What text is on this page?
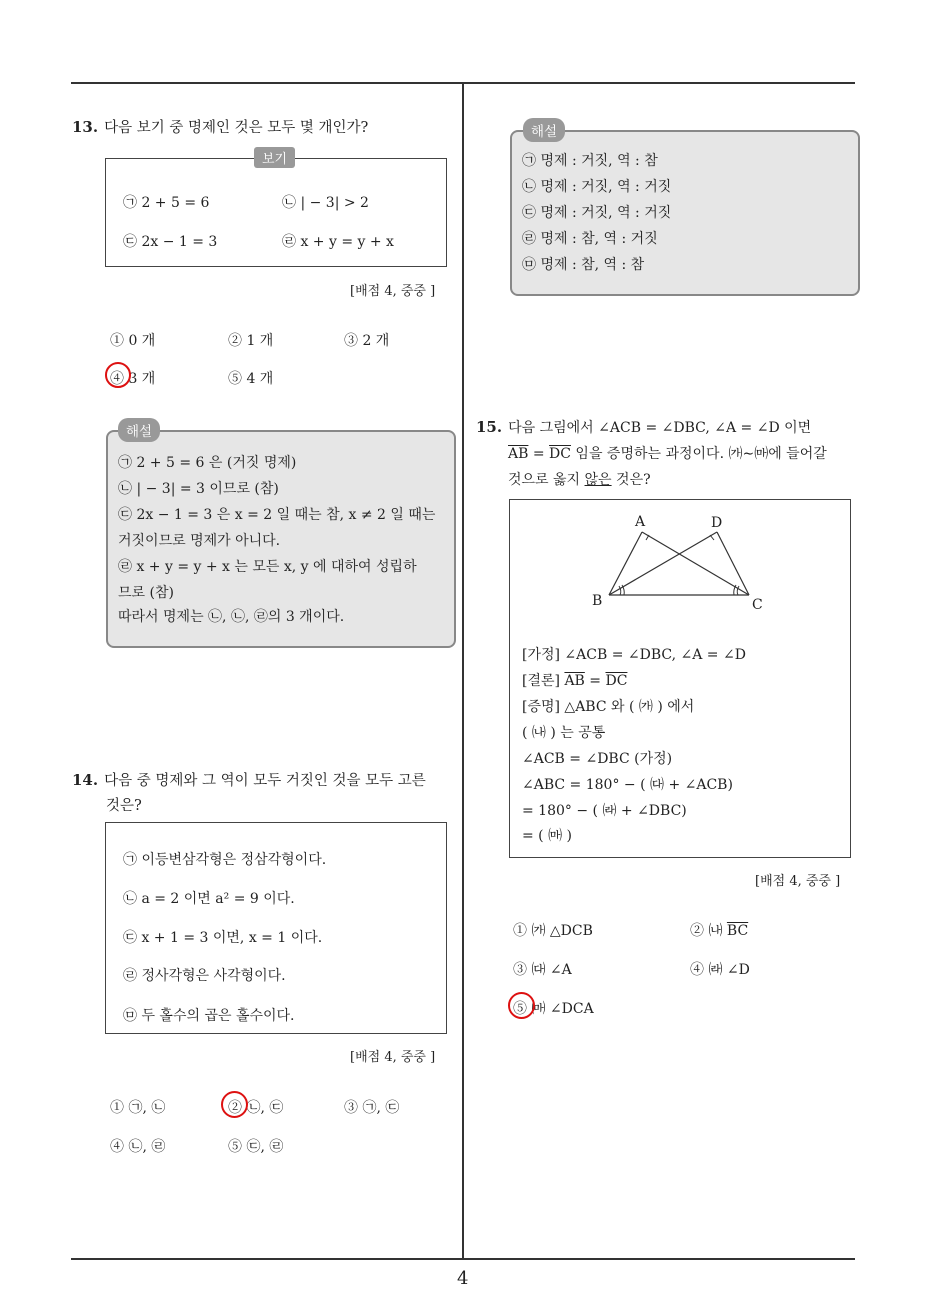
4
13. 다음 보기 중 명제인 것은 모두 몇 개인가?
보기
㉠ 2 + 5 = 6	㉡ | − 3| > 2
㉢ 2x − 1 = 3	㉣ x + y = y + x
[배점 4, 중중 ]
① 0 개	② 1 개	③ 2 개
④ 3 개	⑤ 4 개
해설
㉠ 2 + 5 = 6 은 (거짓 명제)
㉡ | − 3| = 3 이므로 (참)
㉢ 2x − 1 = 3 은 x = 2 일 때는 참, x ≠ 2 일 때는
거짓이므로 명제가 아니다.
㉣ x + y = y + x 는 모든 x, y 에 대하여 성립하
므로 (참)
따라서 명제는 ㉡, ㉡, ㉣의 3 개이다.
14. 다음 중 명제와 그 역이 모두 거짓인 것을 모두 고른
것은?
㉠ 이등변삼각형은 정삼각형이다.
㉡ a = 2 이면 a² = 9 이다.
㉢ x + 1 = 3 이면, x = 1 이다.
㉣ 정사각형은 사각형이다.
㉤ 두 홀수의 곱은 홀수이다.
[배점 4, 중중 ]
① ㉠, ㉡	② ㉡, ㉢	③ ㉠, ㉢
④ ㉡, ㉣	⑤ ㉢, ㉣
해설
㉠ 명제 : 거짓, 역 : 참
㉡ 명제 : 거짓, 역 : 거짓
㉢ 명제 : 거짓, 역 : 거짓
㉣ 명제 : 참, 역 : 거짓
㉤ 명제 : 참, 역 : 참
15. 다음 그림에서 ∠ACB = ∠DBC, ∠A = ∠D 이면
$\overline{AB} = \overline{DC}$ 임을 증명하는 과정이다. ㈎∼㈒에 들어갈
것으로 옳지 않은 것은?
A	D
B	C
[가정] ∠ACB = ∠DBC, ∠A = ∠D
[결론] $\overline{AB} = \overline{DC}$
[증명] △ABC 와 ( ㈎ ) 에서
( ㈏ ) 는 공통
∠ACB = ∠DBC (가정)
∠ABC = 180° − ( ㈐ + ∠ACB)
= 180° − ( ㈑ + ∠DBC)
= ( ㈒ )
[배점 4, 중중 ]
① ㈎ △DCB	② ㈏ $\overline{BC}$
③ ㈐ ∠A	④ ㈑ ∠D
⑤ ㈒ ∠DCA
